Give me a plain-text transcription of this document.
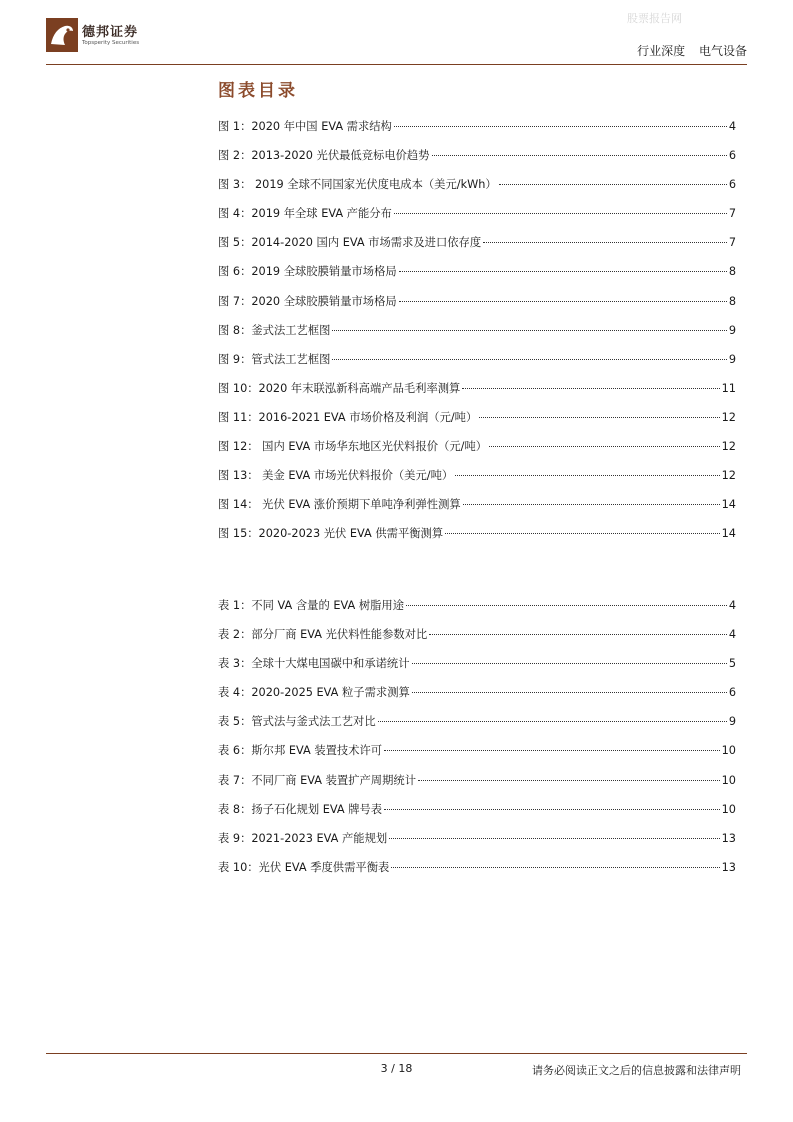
股票报告网
德邦证券
Topsperity Securities
行业深度 电气设备
图表目录
图 1：2020 年中国 EVA 需求结构	4
图 2：2013-2020 光伏最低竞标电价趋势	6
图 3： 2019 全球不同国家光伏度电成本（美元/kWh）	6
图 4：2019 年全球 EVA 产能分布	7
图 5：2014-2020 国内 EVA 市场需求及进口依存度	7
图 6：2019 全球胶膜销量市场格局	8
图 7：2020 全球胶膜销量市场格局	8
图 8：釜式法工艺框图	9
图 9：管式法工艺框图	9
图 10：2020 年末联泓新科高端产品毛利率测算	11
图 11：2016-2021 EVA 市场价格及利润（元/吨）	12
图 12： 国内 EVA 市场华东地区光伏料报价（元/吨）	12
图 13： 美金 EVA 市场光伏料报价（美元/吨）	12
图 14： 光伏 EVA 涨价预期下单吨净利弹性测算	14
图 15：2020-2023 光伏 EVA 供需平衡测算	14
表 1：不同 VA 含量的 EVA 树脂用途	4
表 2：部分厂商 EVA 光伏料性能参数对比	4
表 3：全球十大煤电国碳中和承诺统计	5
表 4：2020-2025 EVA 粒子需求测算	6
表 5：管式法与釜式法工艺对比	9
表 6：斯尔邦 EVA 装置技术许可	10
表 7：不同厂商 EVA 装置扩产周期统计	10
表 8：扬子石化规划 EVA 牌号表	10
表 9：2021-2023 EVA 产能规划	13
表 10：光伏 EVA 季度供需平衡表	13
3 / 18	请务必阅读正文之后的信息披露和法律声明
